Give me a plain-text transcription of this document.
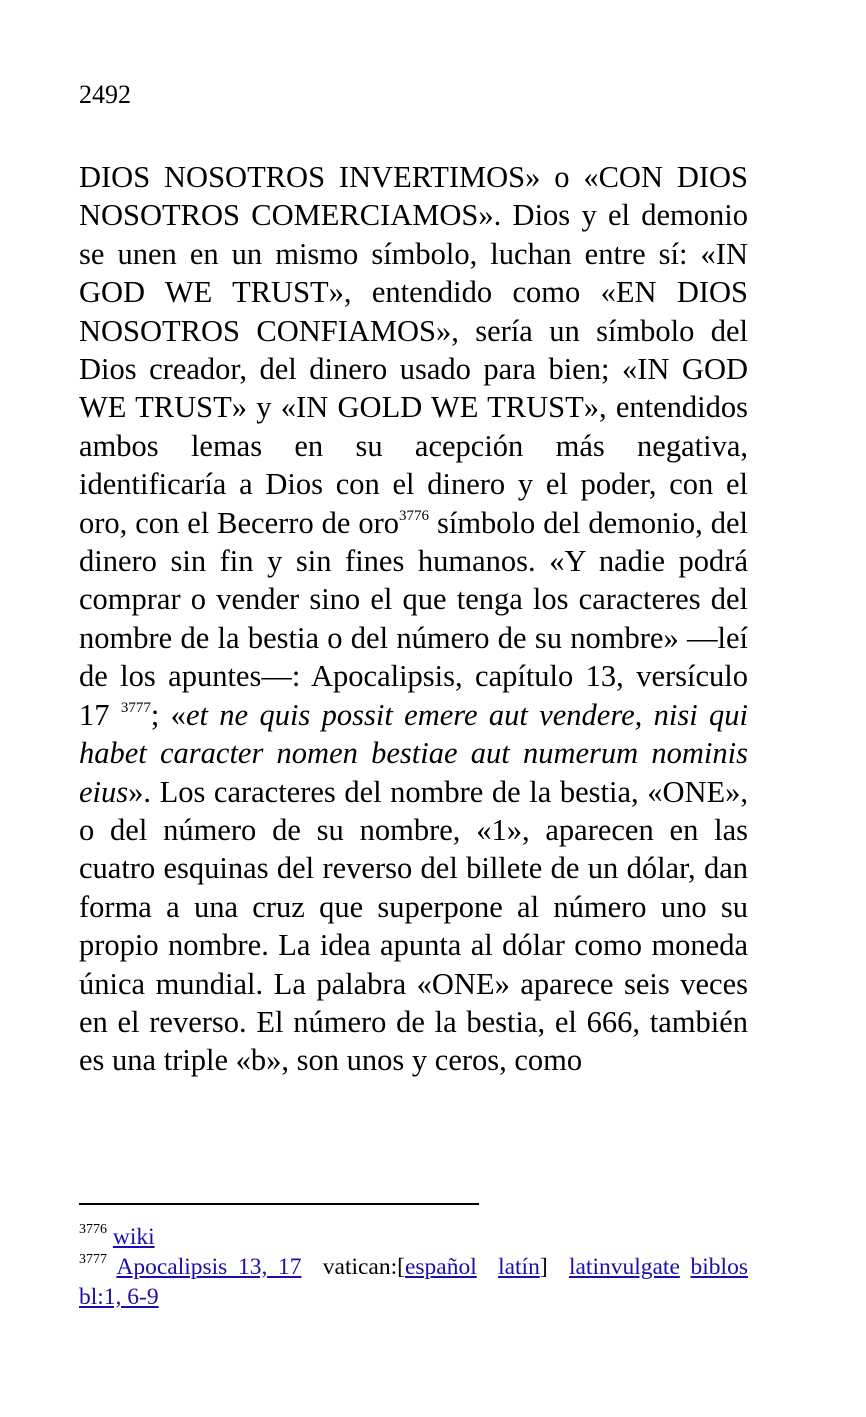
2492

DIOS NOSOTROS INVERTIMOS» o «CON DIOS NOSOTROS COMERCIAMOS». Dios y el demonio se unen en un mismo símbolo, luchan entre sí: «IN GOD WE TRUST», entendido como «EN DIOS NOSOTROS CONFIAMOS», sería un símbolo del Dios creador, del dinero usado para bien; «IN GOD WE TRUST» y «IN GOLD WE TRUST», entendidos ambos lemas en su acepción más negativa, identificaría a Dios con el dinero y el poder, con el oro, con el Becerro de oro$^{3776}$ símbolo del demonio, del dinero sin fin y sin fines humanos. «Y nadie podrá comprar o vender sino el que tenga los caracteres del nombre de la bestia o del número de su nombre» —leí de los apuntes—: Apocalipsis, capítulo 13, versículo 17 $^{3777}$; «et ne quis possit emere aut vendere, nisi qui habet caracter nomen bestiae aut numerum nominis eius». Los caracteres del nombre de la bestia, «ONE», o del número de su nombre, «1», aparecen en las cuatro esquinas del reverso del billete de un dólar, dan forma a una cruz que superpone al número uno su propio nombre. La idea apunta al dólar como moneda única mundial. La palabra «ONE» aparece seis veces en el reverso. El número de la bestia, el 666, también es una triple «b», son unos y ceros, como

$^{3776}$ wiki

$^{3777}$ Apocalipsis 13, 17 vatican:[español latín] latinvulgate biblos bl:1, 6-9
